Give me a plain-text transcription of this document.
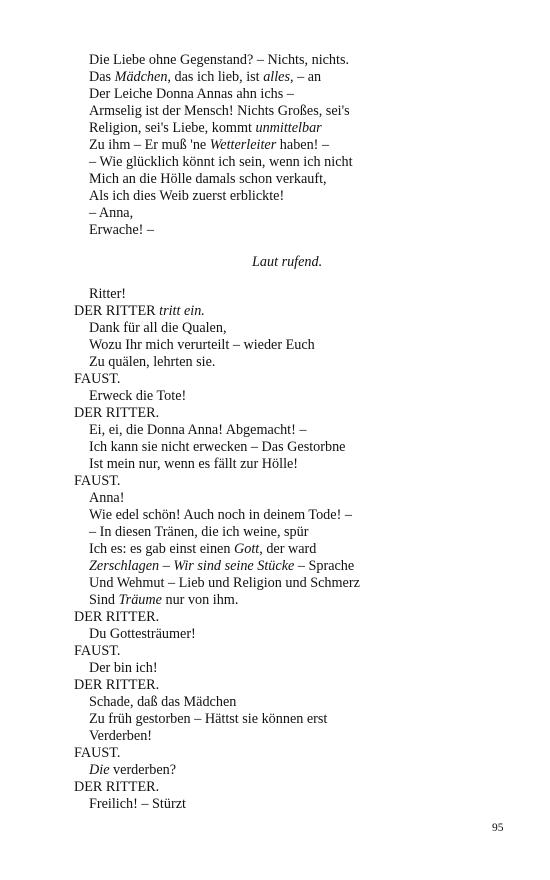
Die Liebe ohne Gegenstand? – Nichts, nichts.
Das Mädchen, das ich lieb, ist alles, – an
Der Leiche Donna Annas ahn ichs –
Armselig ist der Mensch! Nichts Großes, sei's
Religion, sei's Liebe, kommt unmittelbar
Zu ihm – Er muß 'ne Wetterleiter haben! –
– Wie glücklich könnt ich sein, wenn ich nicht
Mich an die Hölle damals schon verkauft,
Als ich dies Weib zuerst erblickte!
– Anna,
Erwache! –
Laut rufend.
Ritter!
DER RITTER tritt ein.
Dank für all die Qualen,
Wozu Ihr mich verurteilt – wieder Euch
Zu quälen, lehrten sie.
FAUST.
Erweck die Tote!
DER RITTER.
Ei, ei, die Donna Anna! Abgemacht! –
Ich kann sie nicht erwecken – Das Gestorbne
Ist mein nur, wenn es fällt zur Hölle!
FAUST.
Anna!
Wie edel schön! Auch noch in deinem Tode! –
– In diesen Tränen, die ich weine, spür
Ich es: es gab einst einen Gott, der ward
Zerschlagen – Wir sind seine Stücke – Sprache
Und Wehmut – Lieb und Religion und Schmerz
Sind Träume nur von ihm.
DER RITTER.
Du Gottesträumer!
FAUST.
Der bin ich!
DER RITTER.
Schade, daß das Mädchen
Zu früh gestorben – Hättst sie können erst
Verderben!
FAUST.
Die verderben?
DER RITTER.
Freilich! – Stürzt
95
